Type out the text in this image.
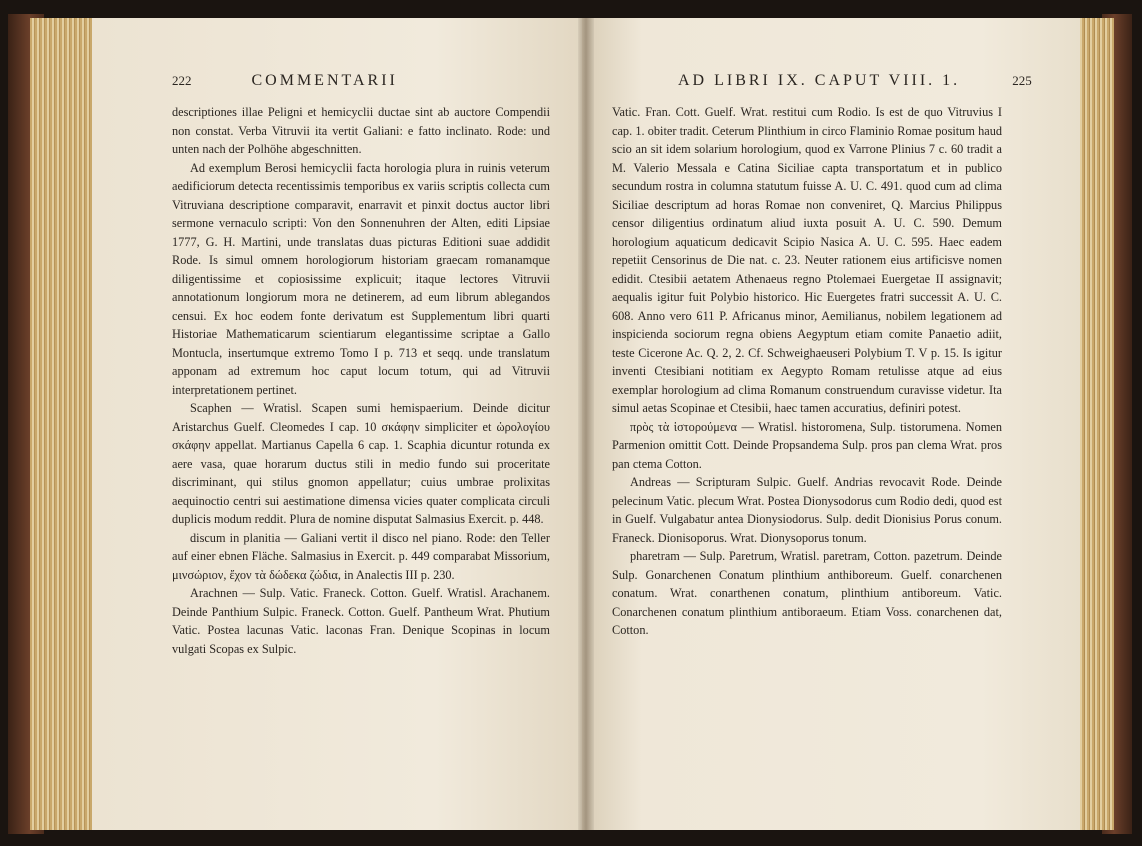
222	COMMENTARII

descriptiones illae Peligni et hemicyclii ductae sint ab auctore Compendii non constat. Verba Vitruvii ita vertit Galiani: e fatto inclinato. Rode: und unten nach der Polhöhe abgeschnitten.

Ad exemplum Berosi hemicyclii facta horologia plura in ruinis veterum aedificiorum detecta recentissimis temporibus ex variis scriptis collecta cum Vitruviana descriptione comparavit, enarravit et pinxit doctus auctor libri sermone vernaculo scripti: Von den Sonnenuhren der Alten, editi Lipsiae 1777, G. H. Martini, unde translatas duas picturas Editioni suae addidit Rode. Is simul omnem horologiorum historiam graecam romanamque diligentissime et copiosissime explicuit; itaque lectores Vitruvii annotationum longiorum mora ne detinerem, ad eum librum ablegandos censui. Ex hoc eodem fonte derivatum est Supplementum libri quarti Historiae Mathematicarum scientiarum elegantissime scriptae a Gallo Montucla, insertumque extremo Tomo I p. 713 et seqq. unde translatum apponam ad extremum hoc caput locum totum, qui ad Vitruvii interpretationem pertinet.

Scaphen — Wratisl. Scapen sumi hemispaerium. Deinde dicitur Aristarchus Guelf. Cleomedes I cap. 10 σκάφην simpliciter et ὡρολογίου σκάφην appellat. Martianus Capella 6 cap. 1. Scaphia dicuntur rotunda ex aere vasa, quae horarum ductus stili in medio fundo sui proceritate discriminant, qui stilus gnomon appellatur; cuius umbrae prolixitas aequinoctio centri sui aestimatione dimensa vicies quater complicata circuli duplicis modum reddit. Plura de nomine disputat Salmasius Exercit. p. 448.

discum in planitia — Galiani vertit il disco nel piano. Rode: den Teller auf einer ebnen Fläche. Salmasius in Exercit. p. 449 comparabat Missorium, μινσώριον, ἔχον τὰ δώδεκα ζώδια, in Analectis III p. 230.

Arachnen — Sulp. Vatic. Franeck. Cotton. Guelf. Wratisl. Arachanem. Deinde Panthium Sulpic. Franeck. Cotton. Guelf. Pantheum Wrat. Phutium Vatic. Postea lacunas Vatic. laconas Fran. Denique Scopinas in locum vulgati Scopas ex Sulpic.

AD LIBRI IX. CAPUT VIII. 1.	225

Vatic. Fran. Cott. Guelf. Wrat. restitui cum Rodio. Is est de quo Vitruvius I cap. 1. obiter tradit. Ceterum Plinthium in circo Flaminio Romae positum haud scio an sit idem solarium horologium, quod ex Varrone Plinius 7 c. 60 tradit a M. Valerio Messala e Catina Siciliae capta transportatum et in publico secundum rostra in columna statutum fuisse A. U. C. 491. quod cum ad clima Siciliae descriptum ad horas Romae non conveniret, Q. Marcius Philippus censor diligentius ordinatum aliud iuxta posuit A. U. C. 590. Demum horologium aquaticum dedicavit Scipio Nasica A. U. C. 595. Haec eadem repetiit Censorinus de Die nat. c. 23. Neuter rationem eius artificisve nomen edidit. Ctesibii aetatem Athenaeus regno Ptolemaei Euergetae II assignavit; aequalis igitur fuit Polybio historico. Hic Euergetes fratri successit A. U. C. 608. Anno vero 611 P. Africanus minor, Aemilianus, nobilem legationem ad inspicienda sociorum regna obiens Aegyptum etiam comite Panaetio adiit, teste Cicerone Ac. Q. 2, 2. Cf. Schweighaeuseri Polybium T. V p. 15. Is igitur inventi Ctesibiani notitiam ex Aegypto Romam retulisse atque ad eius exemplar horologium ad clima Romanum construendum curavisse videtur. Ita simul aetas Scopinae et Ctesibii, haec tamen accuratius, definiri potest.

πρὸς τὰ ἱστορούμενα — Wratisl. historomena, Sulp. tistorumena. Nomen Parmenion omittit Cott. Deinde Propsandema Sulp. pros pan clema Wrat. pros pan ctema Cotton.

Andreas — Scripturam Sulpic. Guelf. Andrias revocavit Rode. Deinde pelecinum Vatic. plecum Wrat. Postea Dionysodorus cum Rodio dedi, quod est in Guelf. Vulgabatur antea Dionysiodorus. Sulp. dedit Dionisius Porus conum. Franeck. Dionisoporus. Wrat. Dionysoporus tonum.

pharetram — Sulp. Paretrum, Wratisl. paretram, Cotton. pazetrum. Deinde Sulp. Gonarchenen Conatum plinthium anthiboreum. Guelf. conarchenen conatum. Wrat. conarthenen conatum, plinthium antiboreum. Vatic. Conarchenen conatum plinthium antiboraeum. Etiam Voss. conarchenen dat, Cotton.
